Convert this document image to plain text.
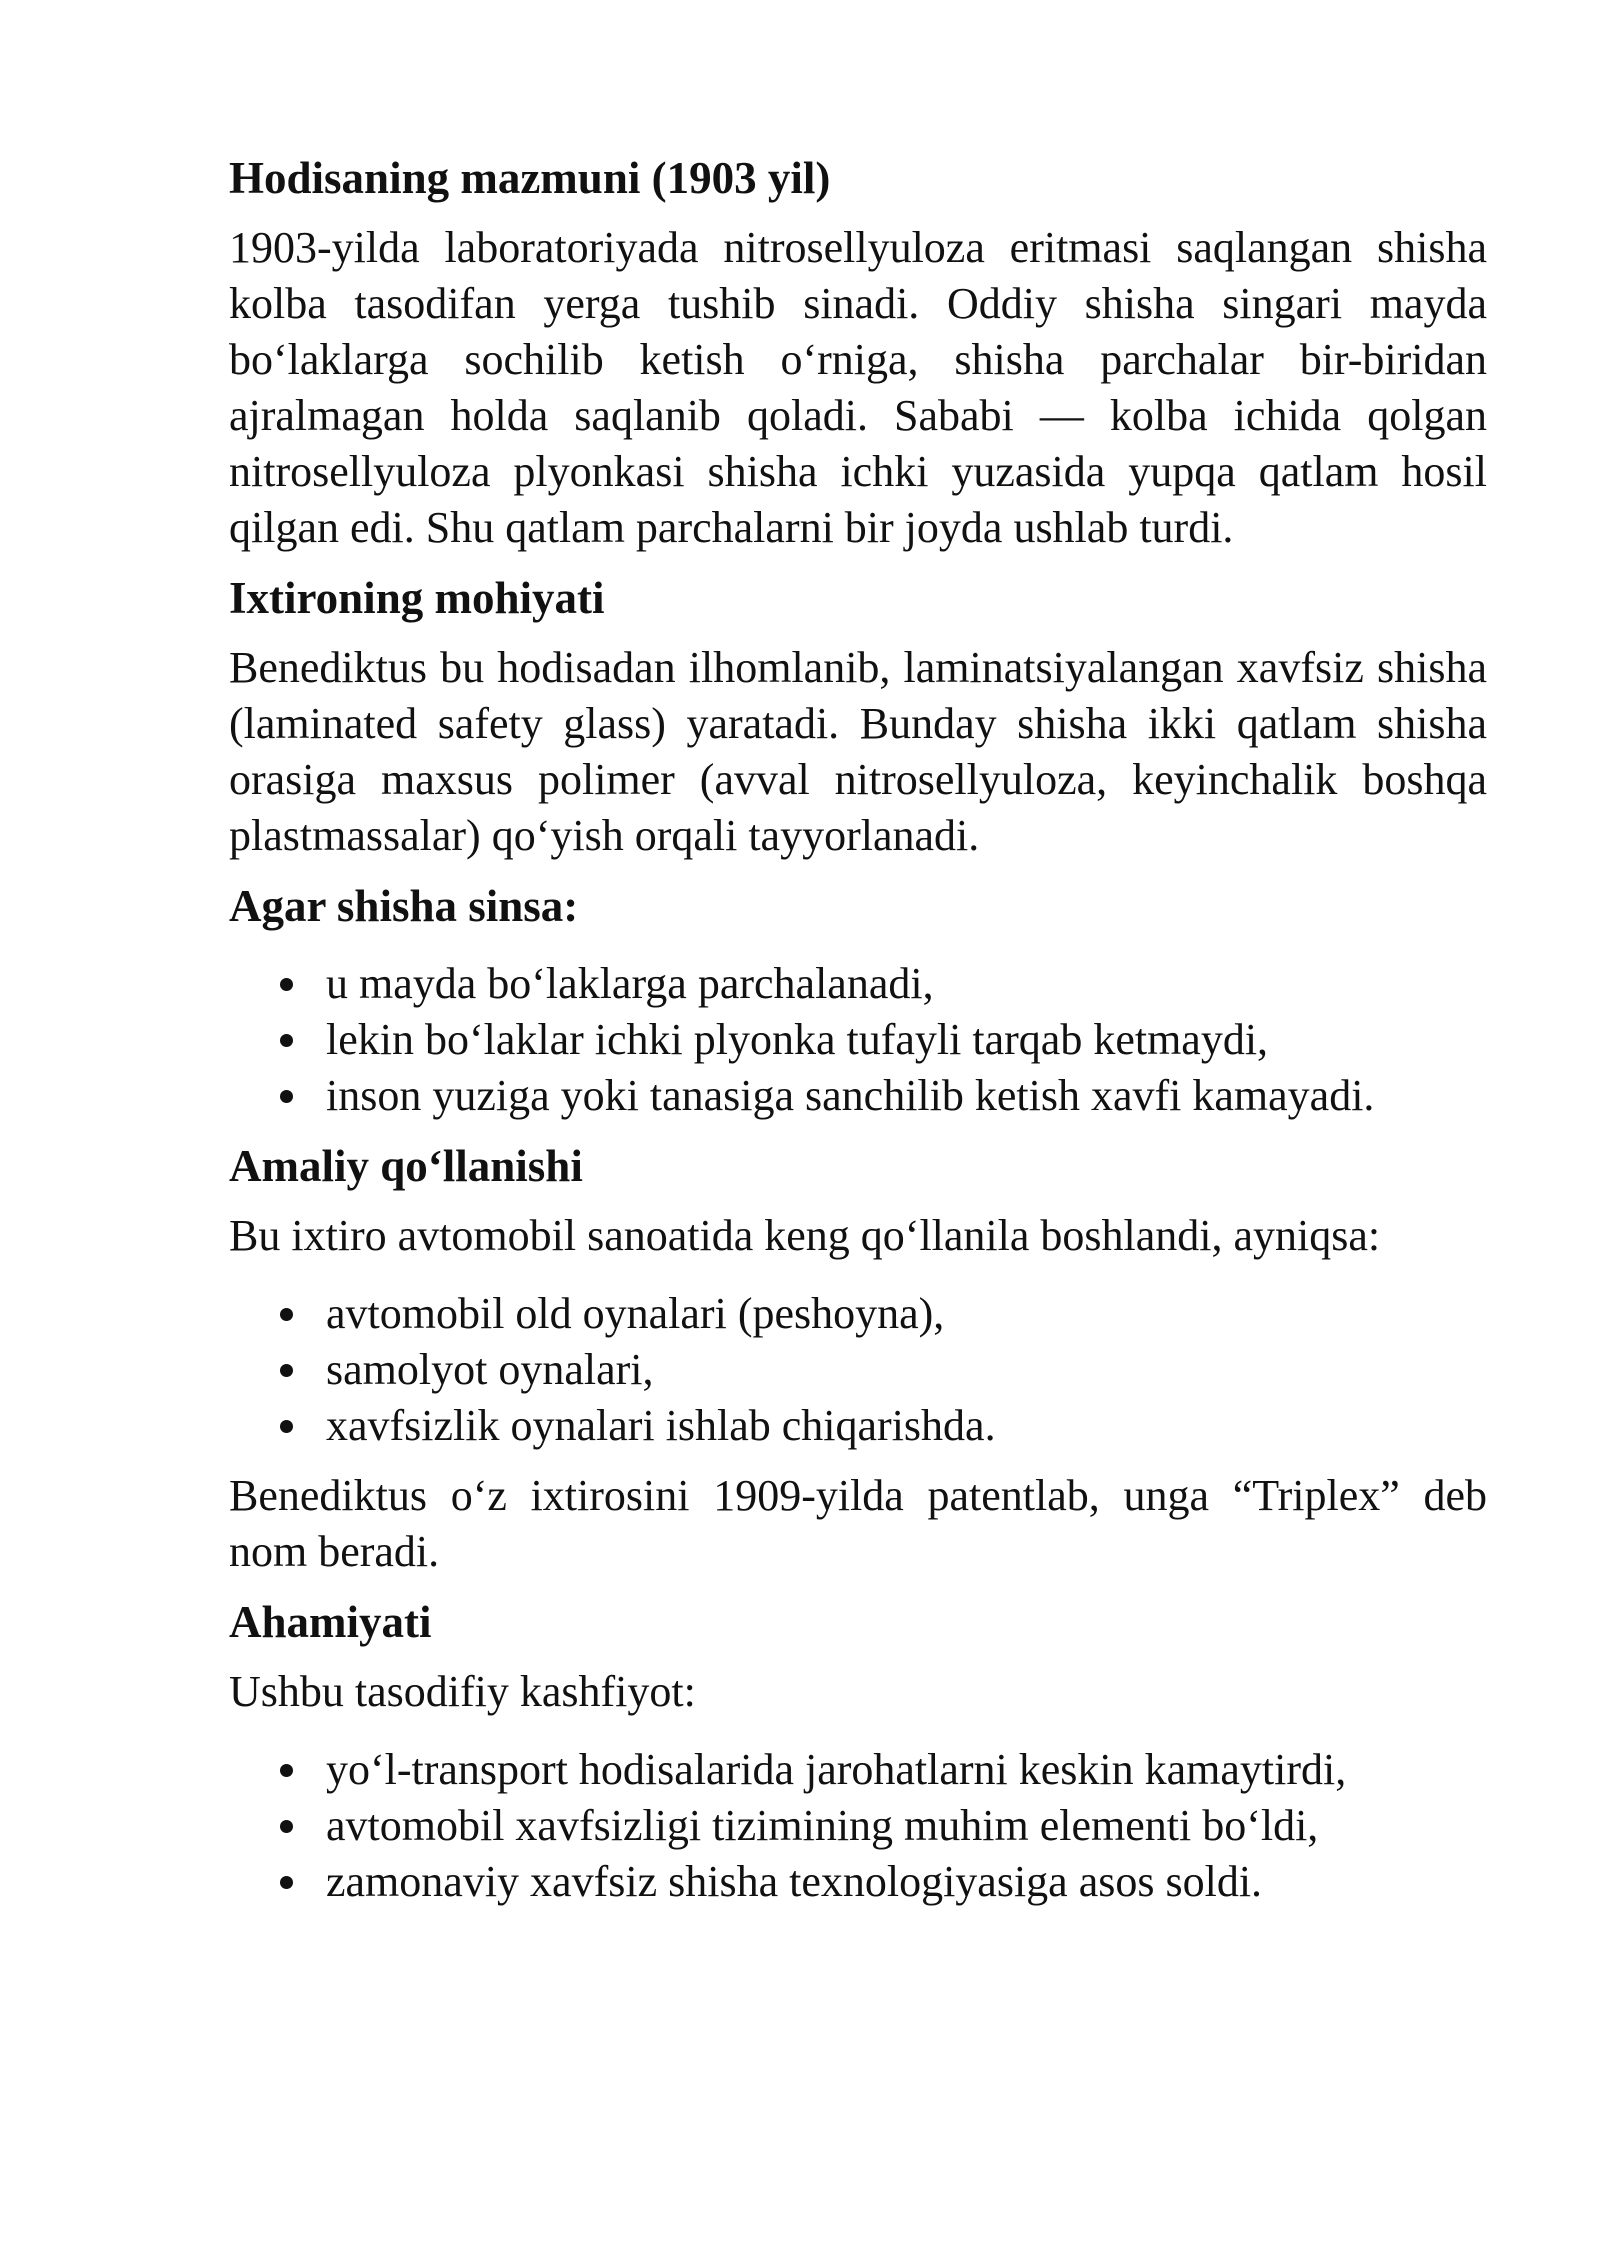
Hodisaning mazmuni (1903 yil)

1903-yilda laboratoriyada nitrosellyuloza eritmasi saqlangan shisha kolba tasodifan yerga tushib sinadi. Oddiy shisha singari mayda bo‘laklarga sochilib ketish o‘rniga, shisha parchalar bir-biridan ajralmagan holda saqlanib qoladi. Sababi — kolba ichida qolgan nitrosellyuloza plyonkasi shisha ichki yuzasida yupqa qatlam hosil qilgan edi. Shu qatlam parchalarni bir joyda ushlab turdi.

Ixtironing mohiyati

Benediktus bu hodisadan ilhomlanib, laminatsiyalangan xavfsiz shisha (laminated safety glass) yaratadi. Bunday shisha ikki qatlam shisha orasiga maxsus polimer (avval nitrosellyuloza, keyinchalik boshqa plastmassalar) qo‘yish orqali tayyorlanadi.

Agar shisha sinsa:
u mayda bo‘laklarga parchalanadi,
lekin bo‘laklar ichki plyonka tufayli tarqab ketmaydi,
inson yuziga yoki tanasiga sanchilib ketish xavfi kamayadi.
Amaliy qo‘llanishi

Bu ixtiro avtomobil sanoatida keng qo‘llanila boshlandi, ayniqsa:

avtomobil old oynalari (peshoyna),
samolyot oynalari,
xavfsizlik oynalari ishlab chiqarishda.

Benediktus o‘z ixtirosini 1909-yilda patentlab, unga “Triplex” deb nom beradi.

Ahamiyati

Ushbu tasodifiy kashfiyot:

yo‘l-transport hodisalarida jarohatlarni keskin kamaytirdi,
avtomobil xavfsizligi tizimining muhim elementi bo‘ldi,
zamonaviy xavfsiz shisha texnologiyasiga asos soldi.
